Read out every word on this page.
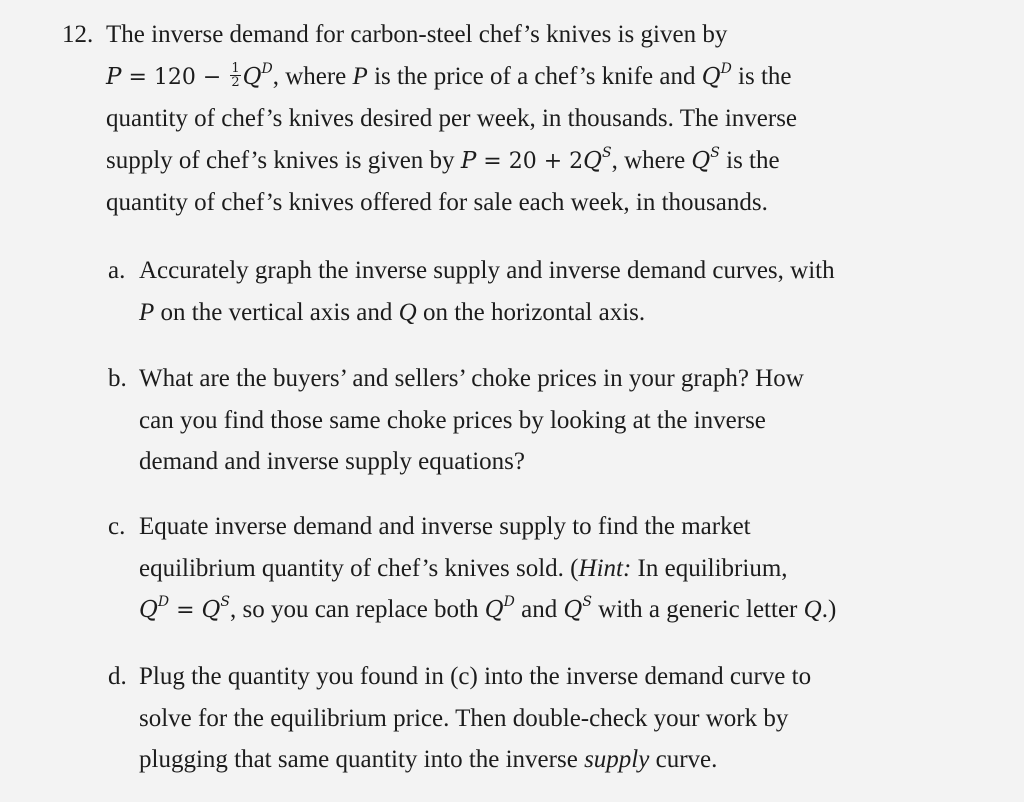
12. The inverse demand for carbon-steel chef’s knives is given by
$P = 120 - \frac{1}{2} Q^D$, where P is the price of a chef’s knife and $Q^D$ is the
quantity of chef’s knives desired per week, in thousands. The inverse
supply of chef’s knives is given by $P = 20 + 2Q^S$, where $Q^S$ is the
quantity of chef’s knives offered for sale each week, in thousands.
a. Accurately graph the inverse supply and inverse demand curves, with
P on the vertical axis and Q on the horizontal axis.
b. What are the buyers’ and sellers’ choke prices in your graph? How
can you find those same choke prices by looking at the inverse
demand and inverse supply equations?
c. Equate inverse demand and inverse supply to find the market
equilibrium quantity of chef’s knives sold. (Hint: In equilibrium,
$Q^D = Q^S$, so you can replace both $Q^D$ and $Q^S$ with a generic letter Q.)
d. Plug the quantity you found in (c) into the inverse demand curve to
solve for the equilibrium price. Then double-check your work by
plugging that same quantity into the inverse supply curve.
